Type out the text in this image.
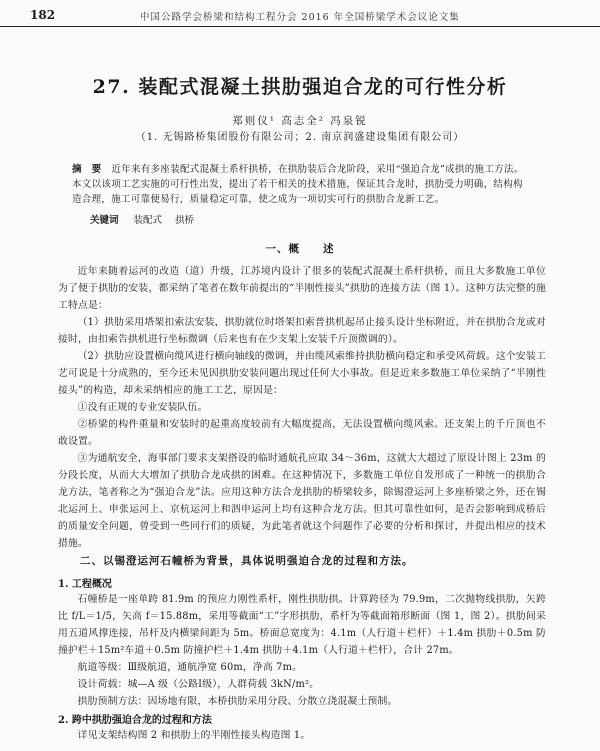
182	中国公路学会桥梁和结构工程分会 2016 年全国桥梁学术会议论文集
27. 装配式混凝土拱肋强迫合龙的可行性分析
郑则仪¹ 高志全² 冯泉锐
（1. 无锡路桥集团股份有限公司；2. 南京润盛建设集团有限公司）
摘　要 近年来有多座装配式混凝土系杆拱桥，在拱肋装后合龙阶段，采用“强迫合龙”成拱的施工方法。本文以该项工艺实施的可行性出发，提出了若干相关的技术措施，保证其合龙时，拱肋受力明确，结构构造合理，施工可靠便易行，质量稳定可靠，使之成为一项切实可行的拱肋合龙新工艺。
关键词 装配式 拱桥
一、概　　述

近年来随着运河的改造（道）升级，江苏境内设计了很多的装配式混凝土系杆拱桥，而且大多数施工单位为了便于拱肋的安装，都采纳了笔者在数年前提出的“半刚性接头”拱肋的连接方法（图 1）。这种方法完整的施工特点是：

（1）拱肋采用塔架扣索法安装，拱肋就位时塔架扣索普拱机起吊止接头设计坐标附近，并在拱肋合龙或对接时，由扣索告拱机进行坐标微调（后来也有在少支架上安装千斤顶微调的）。

（2）拱肋应设置横向缆风进行横向轴线的微调，并由缆风索维持拱肋横向稳定和承受风荷载。这个安装工艺可说是十分成熟的，至今还未见因拱肋安装问题出现过任何大小事故。但是近来多数施工单位采纳了“半刚性接头”的构造，却未采纳相应的施工工艺，原因是：

①没有正规的专业安装队伍。

②桥梁的构件重量和安装时的起重高度较前有大幅度提高，无法设置横向缆风索。还支架上的千斤顶也不敢设置。

③为通航安全，海事部门要求支架搭设的临时通航孔应取 34～36m，这就大大超过了原设计图上 23m 的分段长度，从而大大增加了拱肋合龙成拱的困难。在这种情况下，多数施工单位自发形成了一种统一的拱肋合龙方法，笔者称之为“强迫合龙”法。应用这种方法合龙拱肋的桥梁较多，除锡澄运河上多座桥梁之外，还在锡北运河上、申张运河上、京杭运河上和泗申运河上均有这种合龙方法。但其可靠性如何，是否会影响到成桥后的质量安全问题，曾受到一些同行们的质疑，为此笔者就这个问题作了必要的分析和探讨，并提出相应的技术措施。

二、以锡澄运河石幢桥为背景，具体说明强迫合龙的过程和方法。
1. 工程概况

石幢桥是一座单跨 81.9m 的预应力刚性系杆，刚性拱肋拱。计算跨径为 79.9m，二次抛物线拱肋，矢跨比 f/L＝1/5，矢高 f＝15.88m，采用等截面“工”字形拱肋，系杆为等截面箱形断面（图 1，图 2）。拱肋间采用五道风撑连接，吊杆及内横梁间距为 5m。桥面总宽度为：4.1m（人行道＋栏杆）＋1.4m 拱肋＋0.5m 防撞护栏＋15m²车道＋0.5m 防撞护栏＋1.4m 拱肋＋4.1m（人行道＋栏杆），合计 27m。

航道等级：Ⅲ级航道，通航净宽 60m，净高 7m。

设计荷载：城—A 级（公路Ⅰ级），人群荷载 3kN/m²。

拱肋预制方法：因场地有限，本桥拱肋采用分段、分散立浇混凝土预制。

2. 跨中拱肋强迫合龙的过程和方法

详见支架结构图 2 和拱肋上的半刚性接头构造图 1。
